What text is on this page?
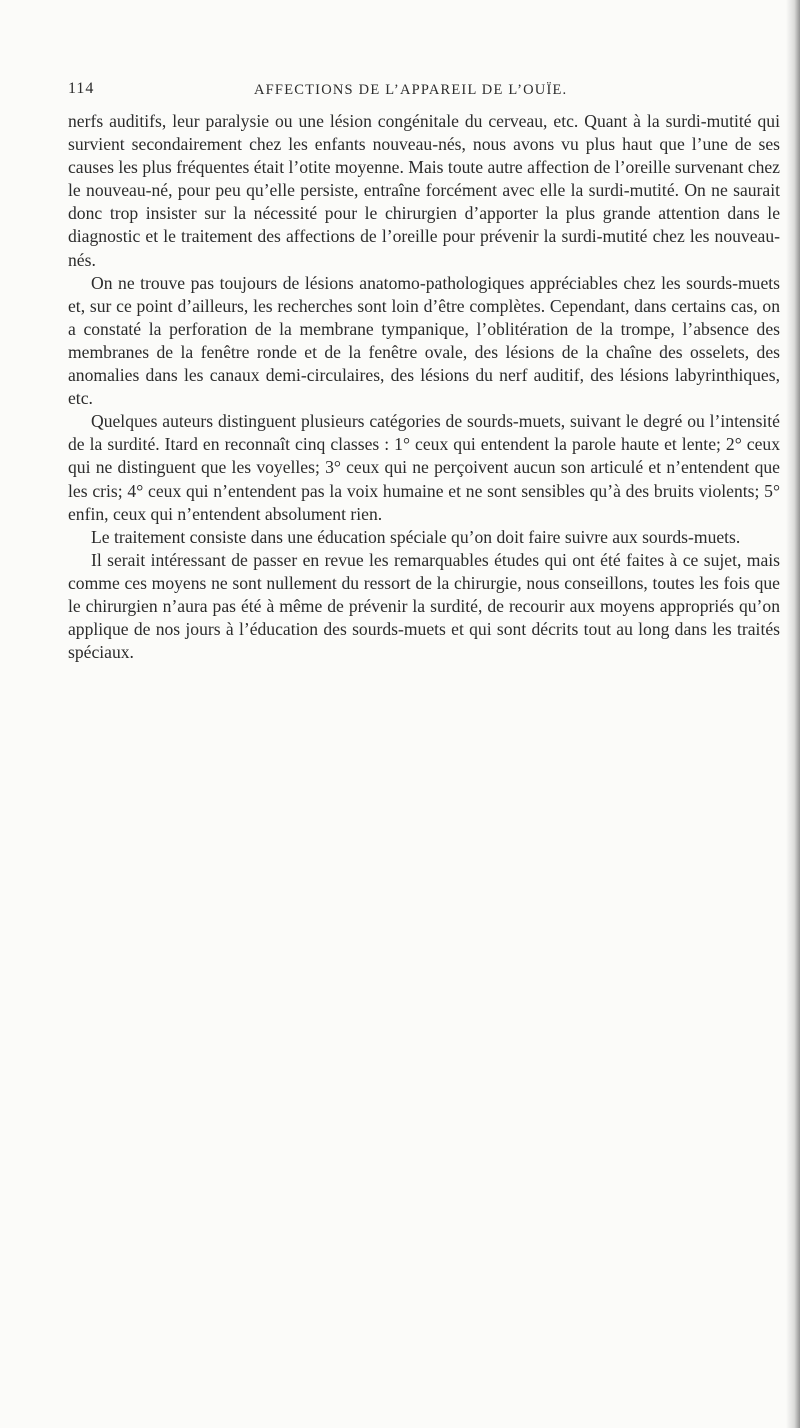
114	AFFECTIONS DE L’APPAREIL DE L’OUÏE.

nerfs auditifs, leur paralysie ou une lésion congénitale du cerveau, etc. Quant à la surdi-mutité qui survient secondairement chez les enfants nouveau-nés, nous avons vu plus haut que l’une de ses causes les plus fréquentes était l’otite moyenne. Mais toute autre affection de l’oreille survenant chez le nouveau-né, pour peu qu’elle persiste, entraîne forcément avec elle la surdi-mutité. On ne saurait donc trop insister sur la nécessité pour le chirurgien d’apporter la plus grande attention dans le diagnostic et le traitement des affections de l’oreille pour prévenir la surdi-mutité chez les nouveau-nés.

On ne trouve pas toujours de lésions anatomo-pathologiques appréciables chez les sourds-muets et, sur ce point d’ailleurs, les recherches sont loin d’être complètes. Cependant, dans certains cas, on a constaté la perforation de la membrane tympanique, l’oblitération de la trompe, l’absence des membranes de la fenêtre ronde et de la fenêtre ovale, des lésions de la chaîne des osselets, des anomalies dans les canaux demi-circulaires, des lésions du nerf auditif, des lésions labyrinthiques, etc.

Quelques auteurs distinguent plusieurs catégories de sourds-muets, suivant le degré ou l’intensité de la surdité. Itard en reconnaît cinq classes : 1° ceux qui entendent la parole haute et lente; 2° ceux qui ne distinguent que les voyelles; 3° ceux qui ne perçoivent aucun son articulé et n’entendent que les cris; 4° ceux qui n’entendent pas la voix humaine et ne sont sensibles qu’à des bruits violents; 5° enfin, ceux qui n’entendent absolument rien.

Le traitement consiste dans une éducation spéciale qu’on doit faire suivre aux sourds-muets.

Il serait intéressant de passer en revue les remarquables études qui ont été faites à ce sujet, mais comme ces moyens ne sont nullement du ressort de la chirurgie, nous conseillons, toutes les fois que le chirurgien n’aura pas été à même de prévenir la surdité, de recourir aux moyens appropriés qu’on applique de nos jours à l’éducation des sourds-muets et qui sont décrits tout au long dans les traités spéciaux.
